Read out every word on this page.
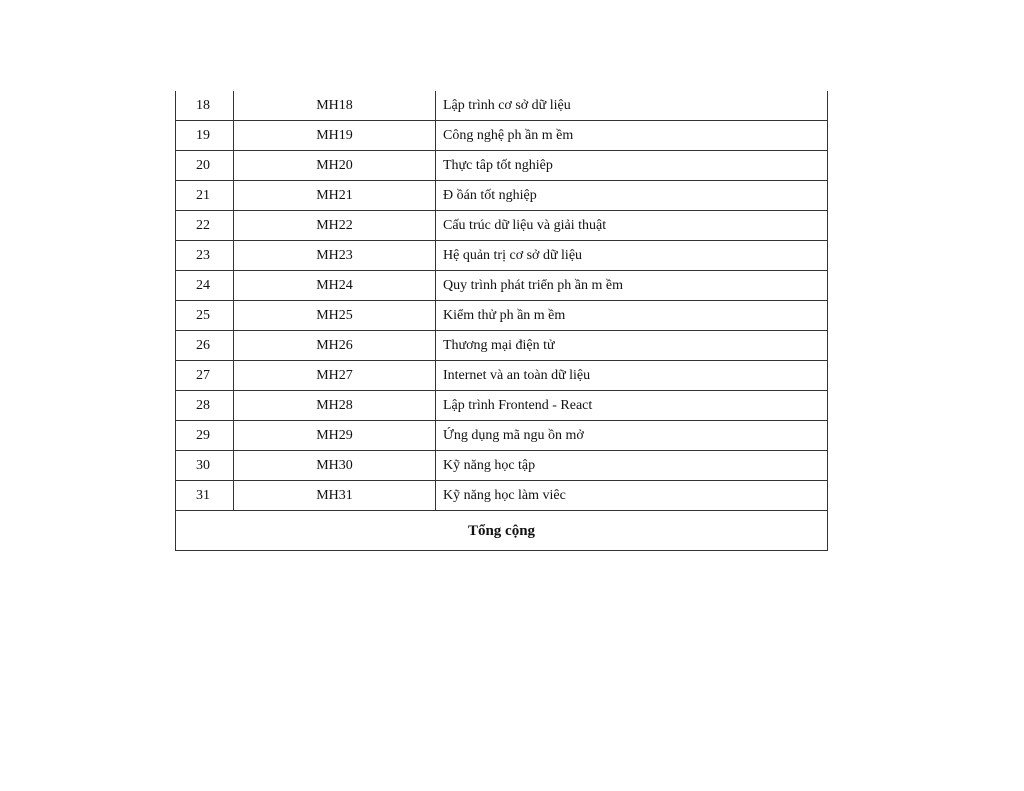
18	MH18	Lập trình cơ sở dữ liệu
19	MH19	Công nghệ ph ần m ềm
20	MH20	Thực tâp tốt nghiêp
21	MH21	Đ ồán tốt nghiệp
22	MH22	Cấu trúc dữ liệu và giải thuật
23	MH23	Hệ quản trị cơ sở dữ liệu
24	MH24	Quy trình phát triển ph ần m ềm
25	MH25	Kiểm thử ph ần m ềm
26	MH26	Thương mại điện tử
27	MH27	Internet và an toàn dữ liệu
28	MH28	Lập trình Frontend - React
29	MH29	Ứng dụng mã ngu ồn mở
30	MH30	Kỹ năng học tập
31	MH31	Kỹ năng học làm viêc
Tổng cộng		
